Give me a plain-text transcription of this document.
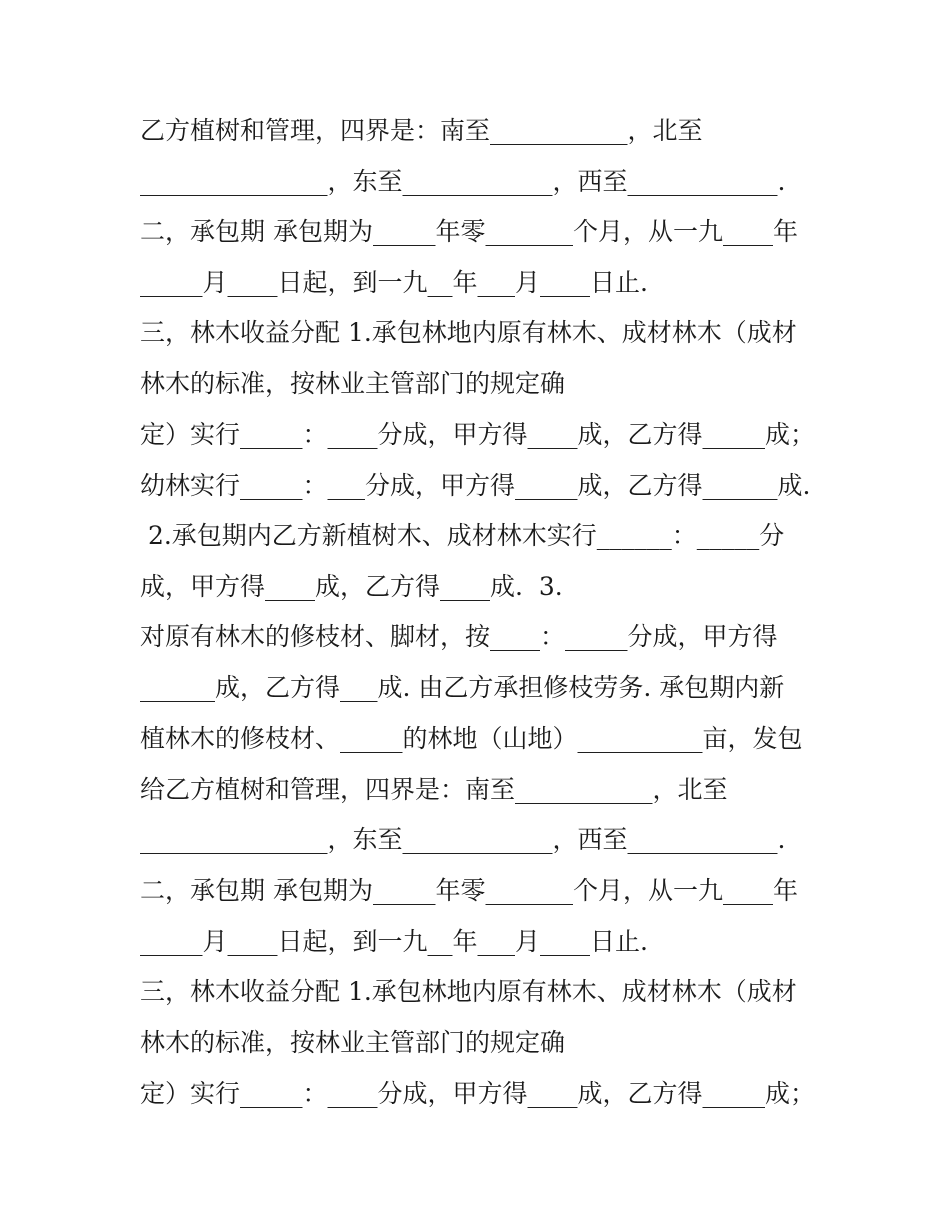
乙方植树和管理，四界是：南至___________，北至

_______________，东至____________，西至____________.

二，承包期 承包期为_____年零_______个月，从一九____年

_____月____日起，到一九__年___月____日止.

三，林木收益分配 1.承包林地内原有林木、成材林木（成材

林木的标准，按林业主管部门的规定确

定）实行_____：____分成，甲方得____成，乙方得_____成；

幼林实行_____：___分成，甲方得_____成，乙方得______成.

2.承包期内乙方新植树木、成材林木实行______：_____分

成，甲方得____成，乙方得____成.  3.

对原有林木的修枝材、脚材，按____：_____分成，甲方得

______成，乙方得___成. 由乙方承担修枝劳务. 承包期内新

植林木的修枝材、_____的林地（山地）__________亩，发包

给乙方植树和管理，四界是：南至___________，北至

_______________，东至____________，西至____________.

二，承包期 承包期为_____年零_______个月，从一九____年

_____月____日起，到一九__年___月____日止.

三，林木收益分配 1.承包林地内原有林木、成材林木（成材

林木的标准，按林业主管部门的规定确

定）实行_____：____分成，甲方得____成，乙方得_____成；
